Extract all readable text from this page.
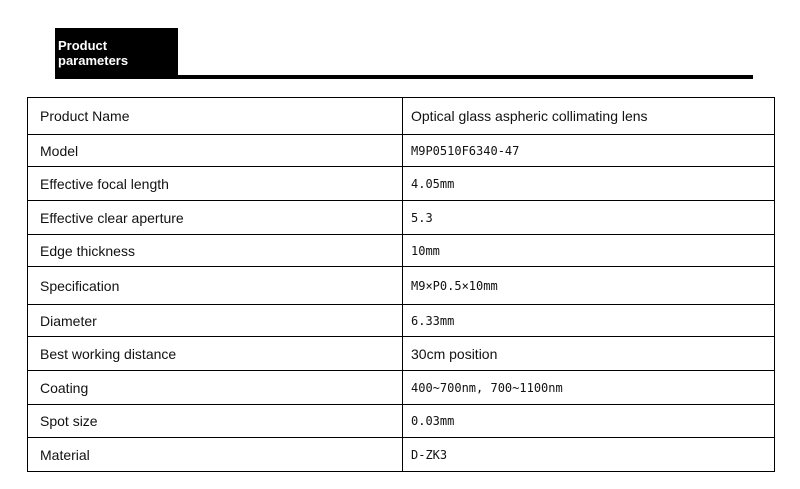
Product parameters
Product Name	Optical glass aspheric collimating lens
Model	M9P0510F6340-47
Effective focal length	4.05mm
Effective clear aperture	5.3
Edge thickness	10mm
Specification	M9×P0.5×10mm
Diameter	6.33mm
Best working distance	30cm position
Coating	400~700nm, 700~1100nm
Spot size	0.03mm
Material	D-ZK3
